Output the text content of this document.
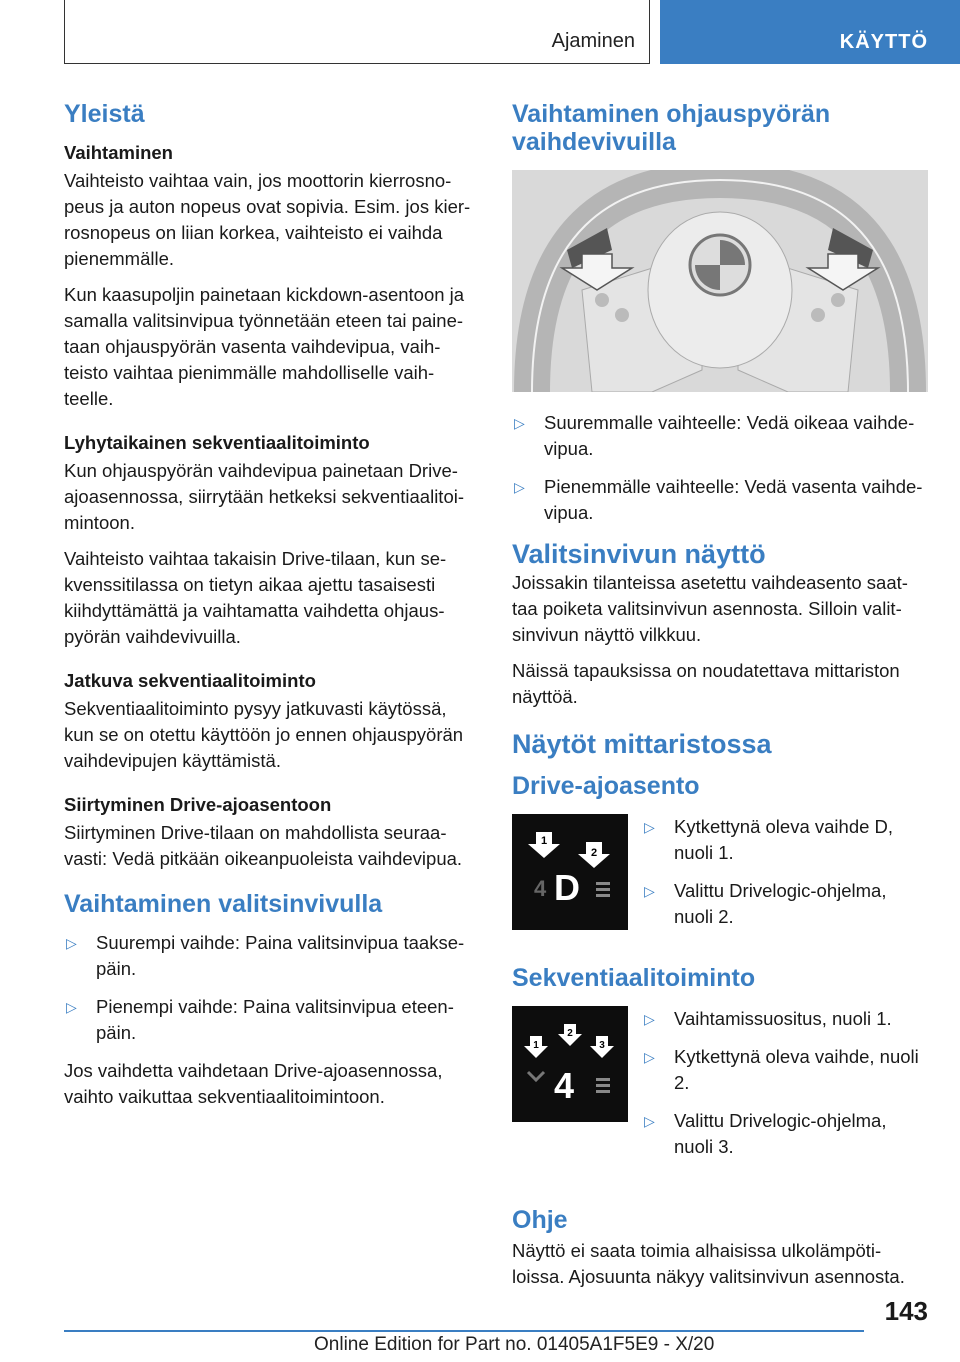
Ajaminen	KÄYTTÖ
Yleistä
Vaihtaminen

Vaihteisto vaihtaa vain, jos moottorin kierrosno-peus ja auton nopeus ovat sopivia. Esim. jos kier-rosnopeus on liian korkea, vaihteisto ei vaihda pienemmälle.

Kun kaasupoljin painetaan kickdown-asentoon ja samalla valitsinvipua työnnetään eteen tai paine-taan ohjauspyörän vasenta vaihdevipua, vaih-teisto vaihtaa pienimmälle mahdolliselle vaih-teelle.

Lyhytaikainen sekventiaalitoiminto

Kun ohjauspyörän vaihdevipua painetaan Drive-ajoasennossa, siirrytään hetkeksi sekventiaalitoi-mintoon.

Vaihteisto vaihtaa takaisin Drive-tilaan, kun se-kvenssitilassa on tietyn aikaa ajettu tasaisesti kiihdyttämättä ja vaihtamatta vaihdetta ohjaus-pyörän vaihdevivuilla.

Jatkuva sekventiaalitoiminto

Sekventiaalitoiminto pysyy jatkuvasti käytössä, kun se on otettu käyttöön jo ennen ohjauspyörän vaihdevipujen käyttämistä.

Siirtyminen Drive-ajoasentoon

Siirtyminen Drive-tilaan on mahdollista seuraa-vasti: Vedä pitkään oikeanpuoleista vaihdevipua.

Vaihtaminen valitsinvivulla
▷ Suurempi vaihde: Paina valitsinvipua taakse-päin.
▷ Pienempi vaihde: Paina valitsinvipua eteen-päin.

Jos vaihdetta vaihdetaan Drive-ajoasennossa, vaihto vaikuttaa sekventiaalitoimintoon.

Vaihtaminen ohjauspyörän vaihdevivuilla
▷ Suuremmalle vaihteelle: Vedä oikeaa vaihde-vipua.
▷ Pienemmälle vaihteelle: Vedä vasenta vaihde-vipua.
Valitsinvivun näyttö

Joissakin tilanteissa asetettu vaihdeasento saat-taa poiketa valitsinvivun asennosta. Silloin valit-sinvivun näyttö vilkkuu.

Näissä tapauksissa on noudatettava mittariston näyttöä.

Näytöt mittaristossa
Drive-ajoasento
1
2
4 D
▷ Kytkettynä oleva vaihde D, nuoli 1.
▷ Valittu Drivelogic-ohjelma, nuoli 2.
Sekventiaalitoiminto
1
2
3
4
▷ Vaihtamissuositus, nuoli 1.
▷ Kytkettynä oleva vaihde, nuoli 2.
▷ Valittu Drivelogic-ohjelma, nuoli 3.
Ohje

Näyttö ei saata toimia alhaisissa ulkolämpöti-loissa. Ajosuunta näkyy valitsinvivun asennosta.

143
Online Edition for Part no. 01405A1F5E9 - X/20
